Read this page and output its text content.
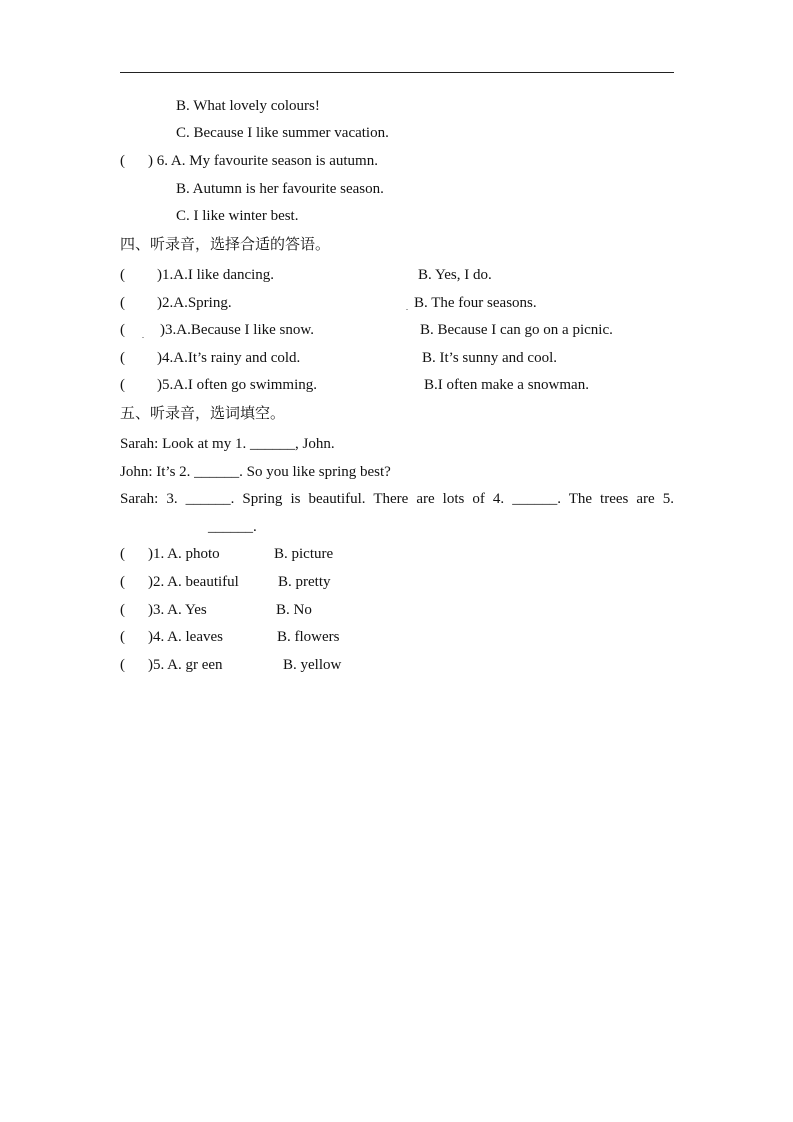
B. What lovely colours!
C. Because I like summer vacation.
( ) 6. A. My favourite season is autumn.
B. Autumn is her favourite season.
C. I like winter best.
四、听录音，选择合适的答语。
( )1.A.I like dancing.	B. Yes, I do.
( )2.A.Spring.	. B. The four seasons.
( . )3.A.Because I like snow.	B. Because I can go on a picnic.
( )4.A.It’s rainy and cold.	B. It’s sunny and cool.
( )5.A.I often go swimming.	B.I often make a snowman.
五、听录音，选词填空。
Sarah: Look at my 1. ______, John.
John: It’s 2. ______. So you like spring best?
Sarah: 3. ______. Spring is beautiful. There are lots of 4. ______. The trees are 5.
______.
( )1. A. photo	B. picture
( )2. A. beautiful	B. pretty
( )3. A. Yes	B. No
( )4. A. leaves	B. flowers
( )5. A. gr een	B. yellow
